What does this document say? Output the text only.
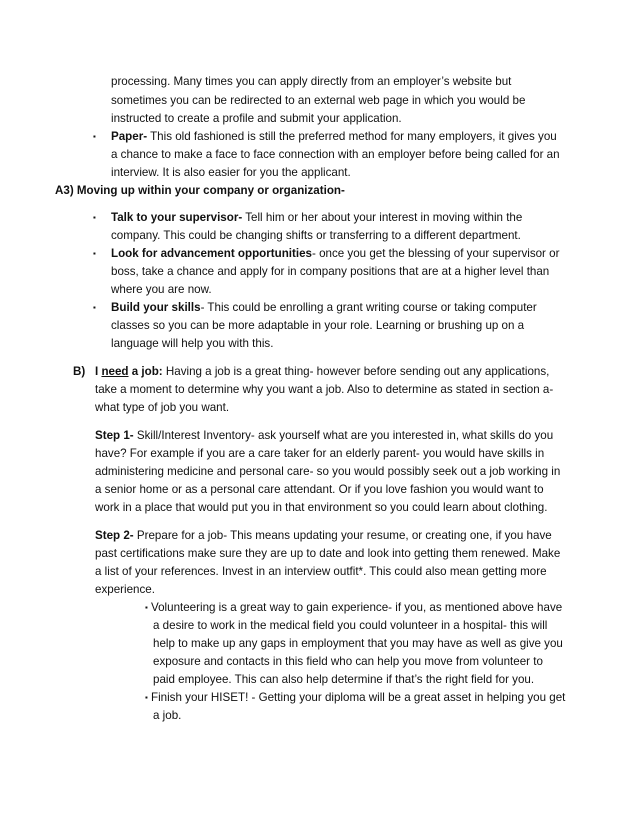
processing. Many times you can apply directly from an employer’s website but
sometimes you can be redirected to an external web page in which you would be
instructed to create a profile and submit your application.
▪ Paper- This old fashioned is still the preferred method for many employers, it gives you
a chance to make a face to face connection with an employer before being called for an
interview. It is also easier for you the applicant.
A3) Moving up within your company or organization-
▪ Talk to your supervisor- Tell him or her about your interest in moving within the
company. This could be changing shifts or transferring to a different department.
▪ Look for advancement opportunities- once you get the blessing of your supervisor or
boss, take a chance and apply for in company positions that are at a higher level than
where you are now.
▪ Build your skills- This could be enrolling a grant writing course or taking computer
classes so you can be more adaptable in your role. Learning or brushing up on a
language will help you with this.
B) I need a job: Having a job is a great thing- however before sending out any applications,
take a moment to determine why you want a job. Also to determine as stated in section a-
what type of job you want.
Step 1- Skill/Interest Inventory- ask yourself what are you interested in, what skills do you
have? For example if you are a care taker for an elderly parent- you would have skills in
administering medicine and personal care- so you would possibly seek out a job working in
a senior home or as a personal care attendant. Or if you love fashion you would want to
work in a place that would put you in that environment so you could learn about clothing.
Step 2- Prepare for a job- This means updating your resume, or creating one, if you have
past certifications make sure they are up to date and look into getting them renewed. Make
a list of your references. Invest in an interview outfit*. This could also mean getting more
experience.
▪ Volunteering is a great way to gain experience- if you, as mentioned above have
a desire to work in the medical field you could volunteer in a hospital- this will
help to make up any gaps in employment that you may have as well as give you
exposure and contacts in this field who can help you move from volunteer to
paid employee. This can also help determine if that’s the right field for you.
▪ Finish your HISET! - Getting your diploma will be a great asset in helping you get
a job.
